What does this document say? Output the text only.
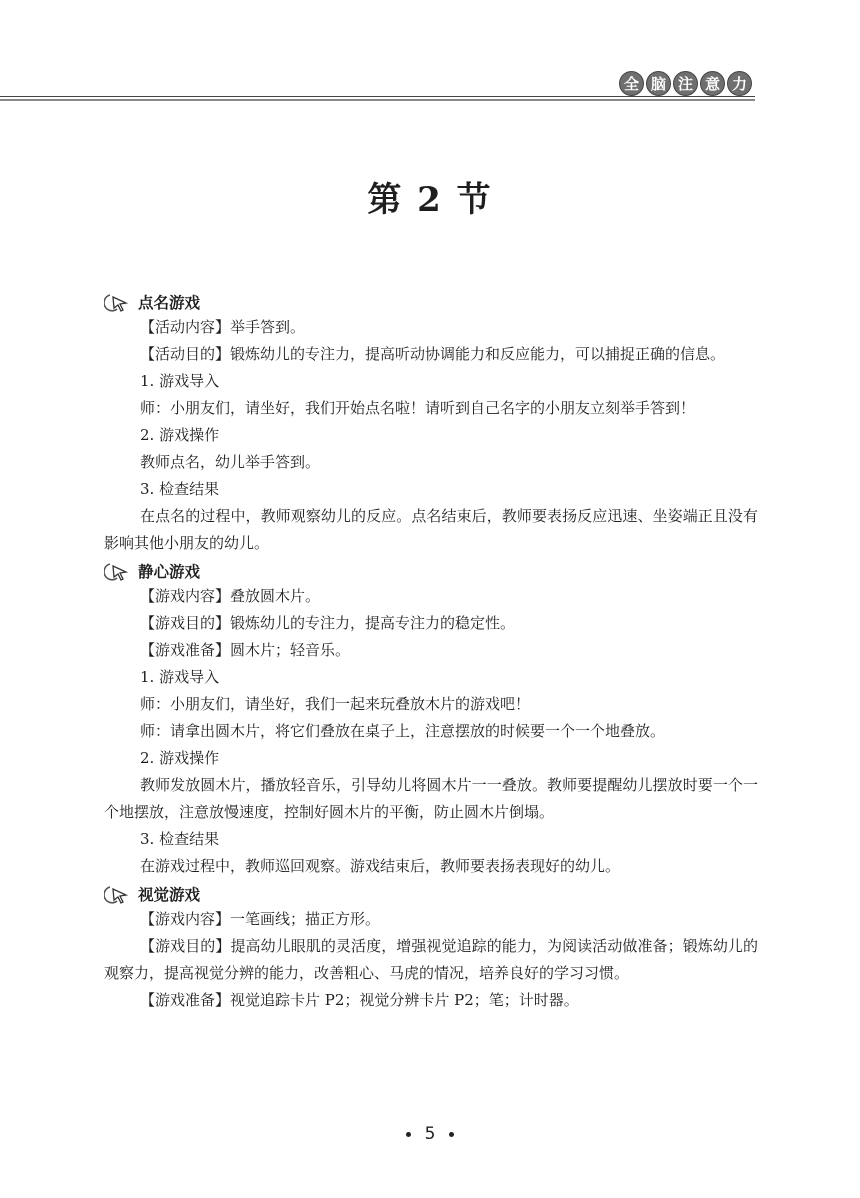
全 脑 注 意 力
第 2 节
点名游戏

【活动内容】举手答到。

【活动目的】锻炼幼儿的专注力，提高听动协调能力和反应能力，可以捕捉正确的信息。

1. 游戏导入

师：小朋友们，请坐好，我们开始点名啦！请听到自己名字的小朋友立刻举手答到！

2. 游戏操作

教师点名，幼儿举手答到。

3. 检查结果

在点名的过程中，教师观察幼儿的反应。点名结束后，教师要表扬反应迅速、坐姿端正且没有影响其他小朋友的幼儿。

静心游戏

【游戏内容】叠放圆木片。

【游戏目的】锻炼幼儿的专注力，提高专注力的稳定性。

【游戏准备】圆木片；轻音乐。

1. 游戏导入

师：小朋友们，请坐好，我们一起来玩叠放木片的游戏吧！

师：请拿出圆木片，将它们叠放在桌子上，注意摆放的时候要一个一个地叠放。

2. 游戏操作

教师发放圆木片，播放轻音乐，引导幼儿将圆木片一一叠放。教师要提醒幼儿摆放时要一个一个地摆放，注意放慢速度，控制好圆木片的平衡，防止圆木片倒塌。

3. 检查结果

在游戏过程中，教师巡回观察。游戏结束后，教师要表扬表现好的幼儿。

视觉游戏

【游戏内容】一笔画线；描正方形。

【游戏目的】提高幼儿眼肌的灵活度，增强视觉追踪的能力，为阅读活动做准备；锻炼幼儿的观察力，提高视觉分辨的能力，改善粗心、马虎的情况，培养良好的学习习惯。

【游戏准备】视觉追踪卡片 P2；视觉分辨卡片 P2；笔；计时器。

5
